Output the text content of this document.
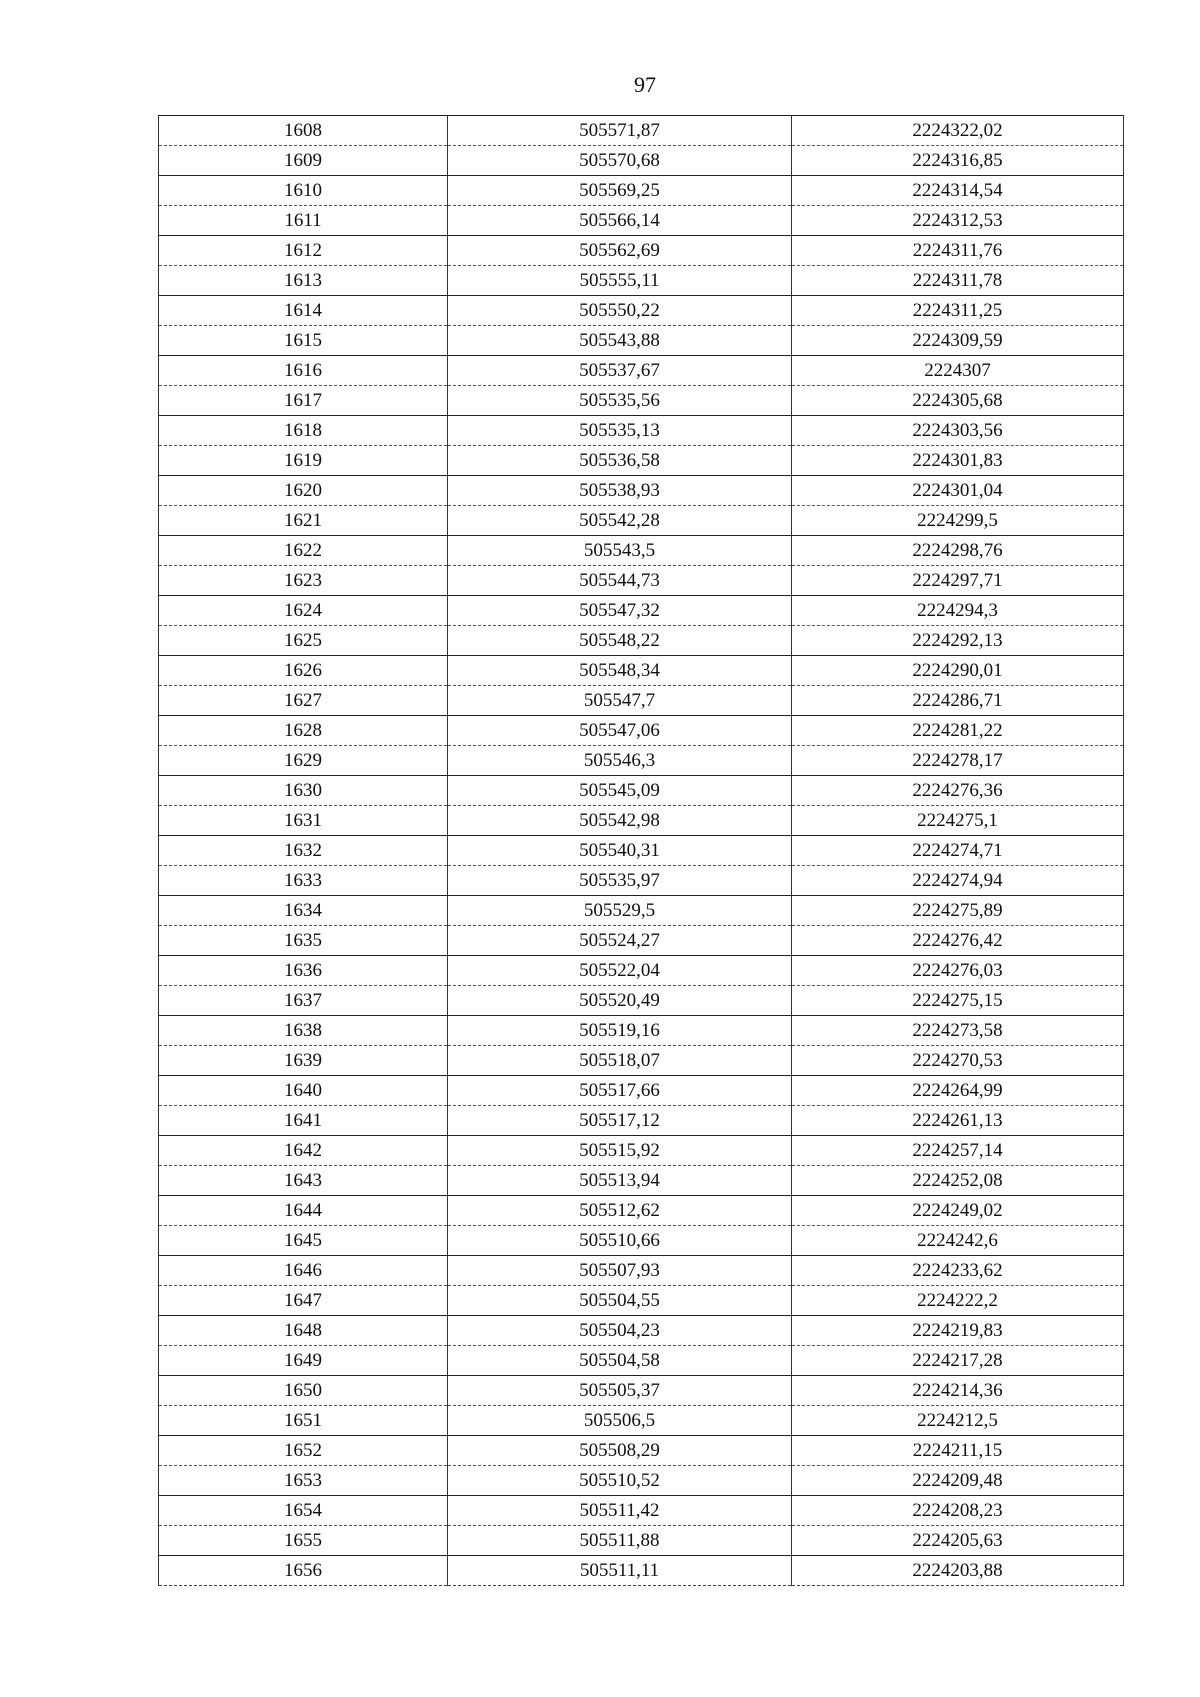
97
1608	505571,87	2224322,02
1609	505570,68	2224316,85
1610	505569,25	2224314,54
1611	505566,14	2224312,53
1612	505562,69	2224311,76
1613	505555,11	2224311,78
1614	505550,22	2224311,25
1615	505543,88	2224309,59
1616	505537,67	2224307
1617	505535,56	2224305,68
1618	505535,13	2224303,56
1619	505536,58	2224301,83
1620	505538,93	2224301,04
1621	505542,28	2224299,5
1622	505543,5	2224298,76
1623	505544,73	2224297,71
1624	505547,32	2224294,3
1625	505548,22	2224292,13
1626	505548,34	2224290,01
1627	505547,7	2224286,71
1628	505547,06	2224281,22
1629	505546,3	2224278,17
1630	505545,09	2224276,36
1631	505542,98	2224275,1
1632	505540,31	2224274,71
1633	505535,97	2224274,94
1634	505529,5	2224275,89
1635	505524,27	2224276,42
1636	505522,04	2224276,03
1637	505520,49	2224275,15
1638	505519,16	2224273,58
1639	505518,07	2224270,53
1640	505517,66	2224264,99
1641	505517,12	2224261,13
1642	505515,92	2224257,14
1643	505513,94	2224252,08
1644	505512,62	2224249,02
1645	505510,66	2224242,6
1646	505507,93	2224233,62
1647	505504,55	2224222,2
1648	505504,23	2224219,83
1649	505504,58	2224217,28
1650	505505,37	2224214,36
1651	505506,5	2224212,5
1652	505508,29	2224211,15
1653	505510,52	2224209,48
1654	505511,42	2224208,23
1655	505511,88	2224205,63
1656	505511,11	2224203,88
